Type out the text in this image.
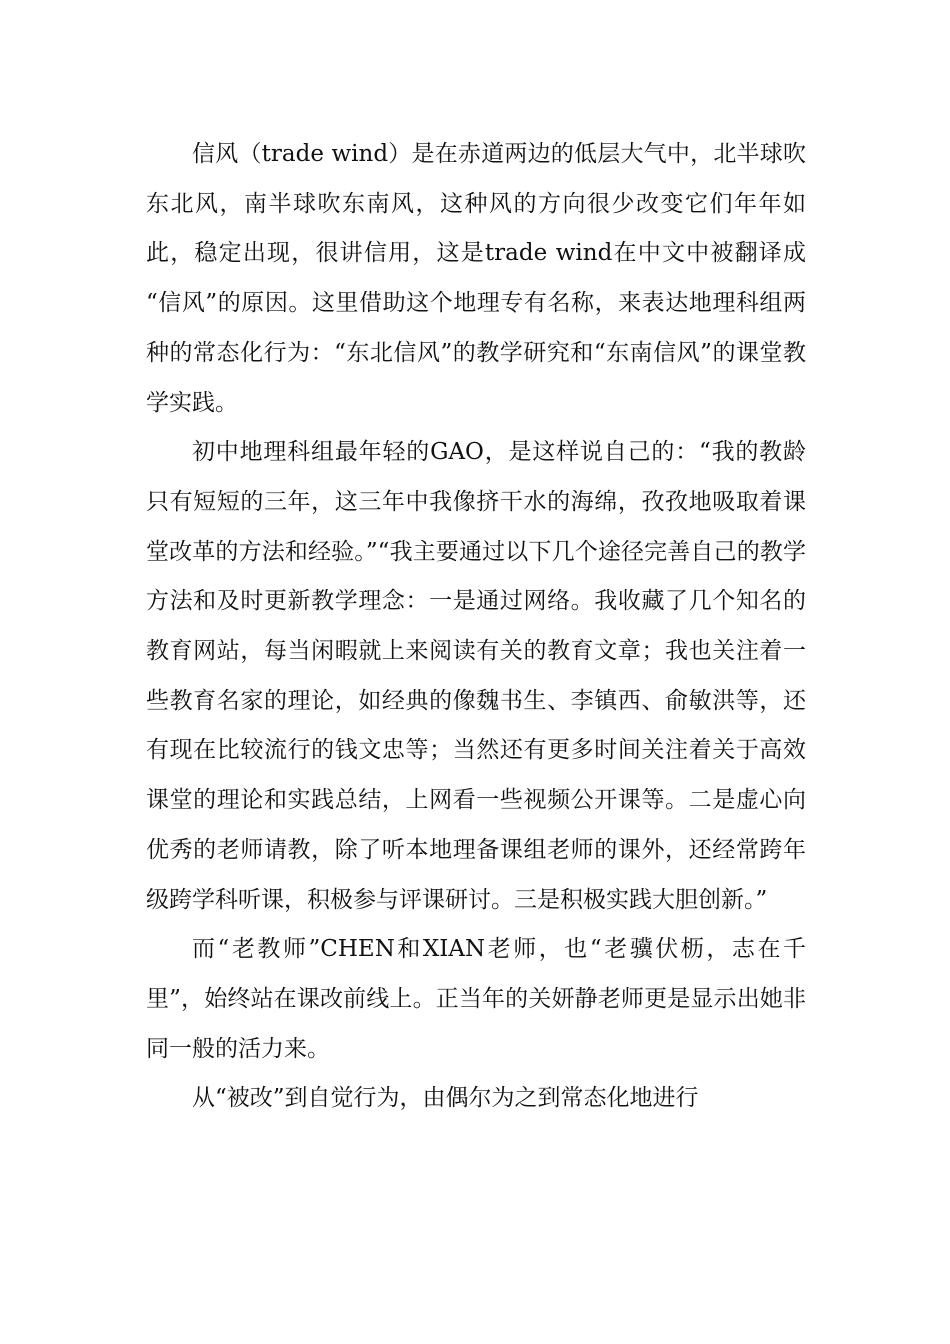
信风（trade wind）是在赤道两边的低层大气中，北半球吹东北风，南半球吹东南风，这种风的方向很少改变它们年年如此，稳定出现，很讲信用，这是trade wind在中文中被翻译成 “信风”的原因。这里借助这个地理专有名称，来表达地理科组两种的常态化行为：“东北信风”的教学研究和“东南信风”的课堂教学实践。

初中地理科组最年轻的GAO，是这样说自己的：“我的教龄只有短短的三年，这三年中我像挤干水的海绵，孜孜地吸取着课堂改革的方法和经验。”“我主要通过以下几个途径完善自己的教学方法和及时更新教学理念：一是通过网络。我收藏了几个知名的教育网站，每当闲暇就上来阅读有关的教育文章；我也关注着一些教育名家的理论，如经典的像魏书生、李镇西、俞敏洪等，还有现在比较流行的钱文忠等；当然还有更多时间关注着关于高效课堂的理论和实践总结，上网看一些视频公开课等。二是虚心向优秀的老师请教，除了听本地理备课组老师的课外，还经常跨年级跨学科听课，积极参与评课研讨。三是积极实践大胆创新。”

而“老教师”CHEN和XIAN老师，也“老骥伏枥，志在千里”，始终站在课改前线上。正当年的关妍静老师更是显示出她非同一般的活力来。

从“被改”到自觉行为，由偶尔为之到常态化地进行
